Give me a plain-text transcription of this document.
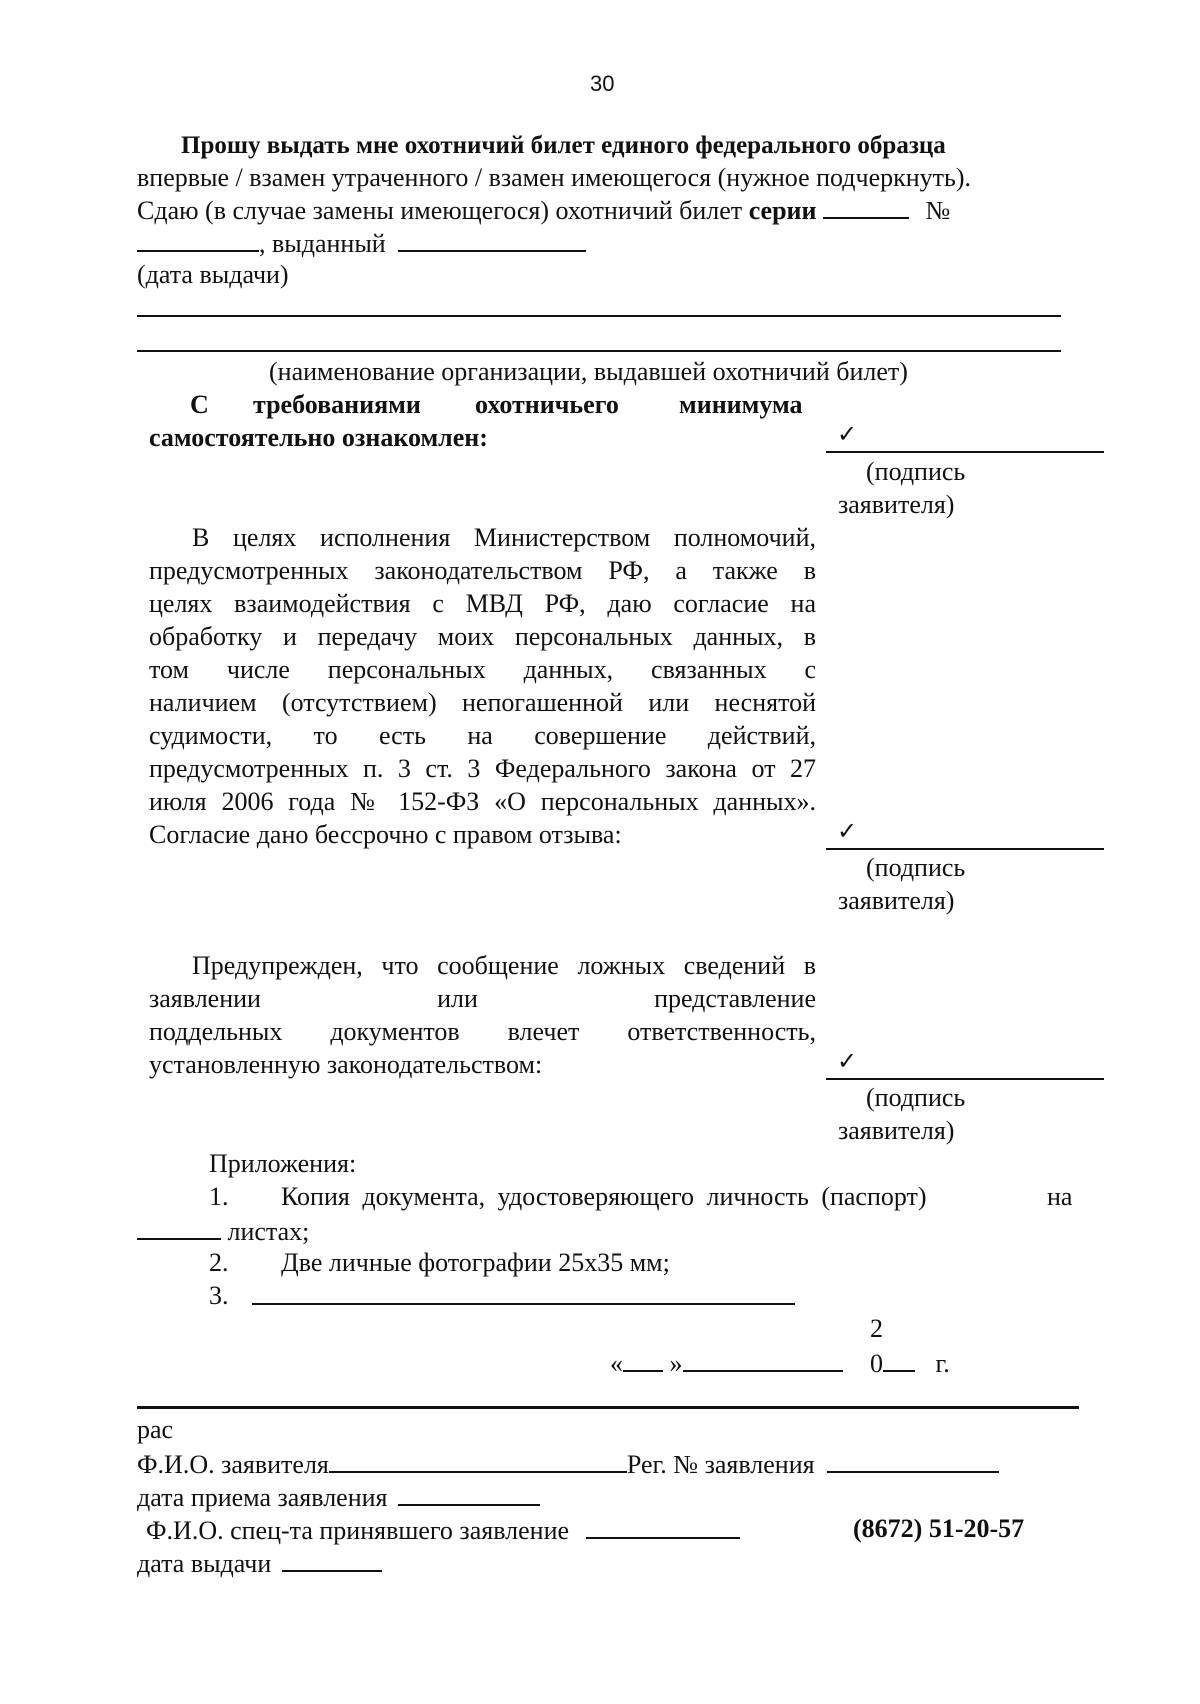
30
Прошу выдать мне охотничий билет единого федерального образца
впервые / взамен утраченного / взамен имеющегося (нужное подчеркнуть).
Сдаю (в случае замены имеющегося) охотничий билет серии	№
, выданный
(дата выдачи)
(наименование организации, выдавшей охотничий билет)
С требованиями охотничьего минимума
самостоятельно ознакомлен:	✓
(подпись
заявителя)
В целях исполнения Министерством полномочий,
предусмотренных законодательством РФ, а также в
целях взаимодействия с МВД РФ, даю согласие на
обработку и передачу моих персональных данных, в
том числе персональных данных, связанных с
наличием (отсутствием) непогашенной или неснятой
судимости, то есть на совершение действий,
предусмотренных п. 3 ст. 3 Федерального закона от 27
июля 2006 года № 152-ФЗ «О персональных данных».
Согласие дано бессрочно с правом отзыва:	✓
(подпись
заявителя)
Предупрежден, что сообщение ложных сведений в
заявлении или представление
поддельных документов влечет ответственность,
установленную законодательством:	✓
(подпись
заявителя)
Приложения:
1. Копия документа, удостоверяющего личность (паспорт)	на
листах;
2. Две личные фотографии 25х35 мм;
3.
2
« »	0 г.
рас
Ф.И.О. заявителя	Рег. № заявления
дата приема заявления
Ф.И.О. спец-та принявшего заявление	(8672) 51-20-57
дата выдачи
